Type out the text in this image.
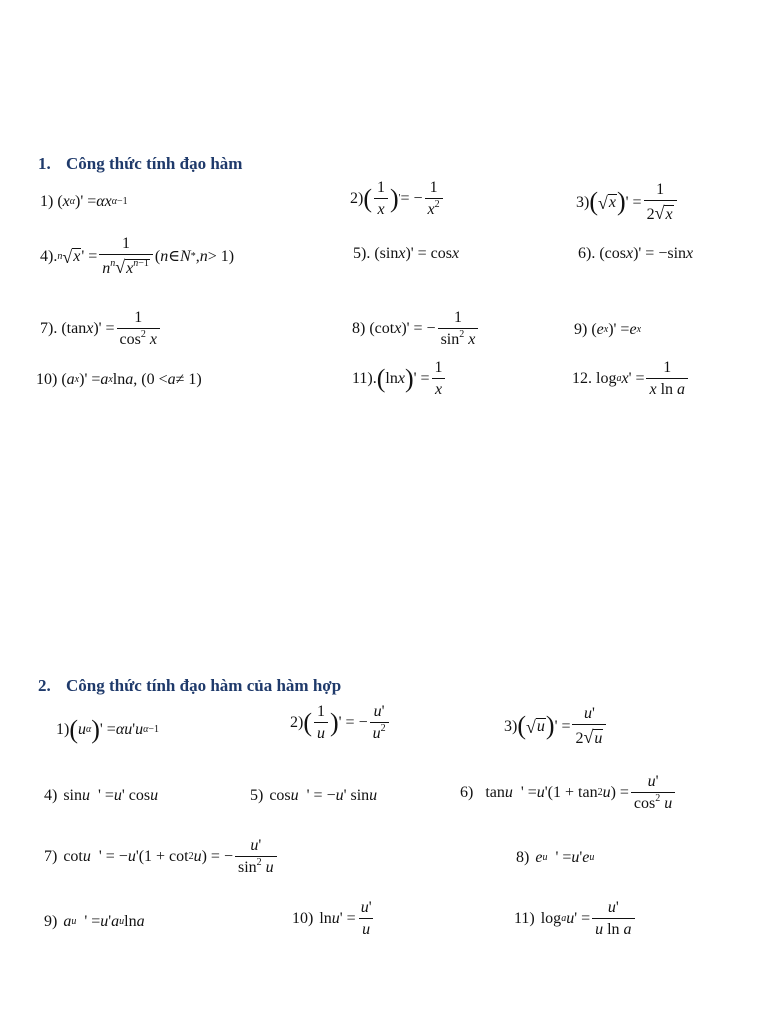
1. Công thức tính đạo hàm
1) ( x α )' = αx α−1	2) ( $\frac{1}{x}$ ) ' = − $\frac{1}{x^2}$	3) ( √ x ) ' = $\frac{1}{2√x}$
4). n √ x ' = $\frac{1}{n^n√x^{n-1}}$ ( n ∈ N * , n > 1)	5). (sin x )' = cos x	6). (cos x )' = −sin x
7). (tan x )' = $\frac{1}{\cos^2 x}$	8) (cot x )' = − $\frac{1}{\sin^2 x}$	9) ( e x )' = e x
10) ( a x )' = a x ln a , (0 < a ≠ 1)	11). ( ln x ) ' = $\frac{1}{x}$	12. log a x ' = $\frac{1}{\text{x ln a}}$
2. Công thức tính đạo hàm của hàm hợp
1) ( u α ) ' = αu ' u α−1	2) ( $\frac{1}{u}$ ) ' = − $\frac{u'}{u^2}$	3) ( √ u ) ' = $\frac{u'}{2√u}$
4) sin u ' = u ' cos u	5) cos u ' = − u ' sin u	6) tan u ' = u '(1 + tan 2 u ) = $\frac{u'}{\cos^2 u}$
7) cot u ' = − u '(1 + cot 2 u ) = − $\frac{u'}{\sin^2 u}$	8) e u ' = u ' e u
9) a u ' = u ' a u ln a	10) ln u ' = $\frac{u'}{u}$	11) log a u ' = $\frac{u'}{\text{u ln a}}$
